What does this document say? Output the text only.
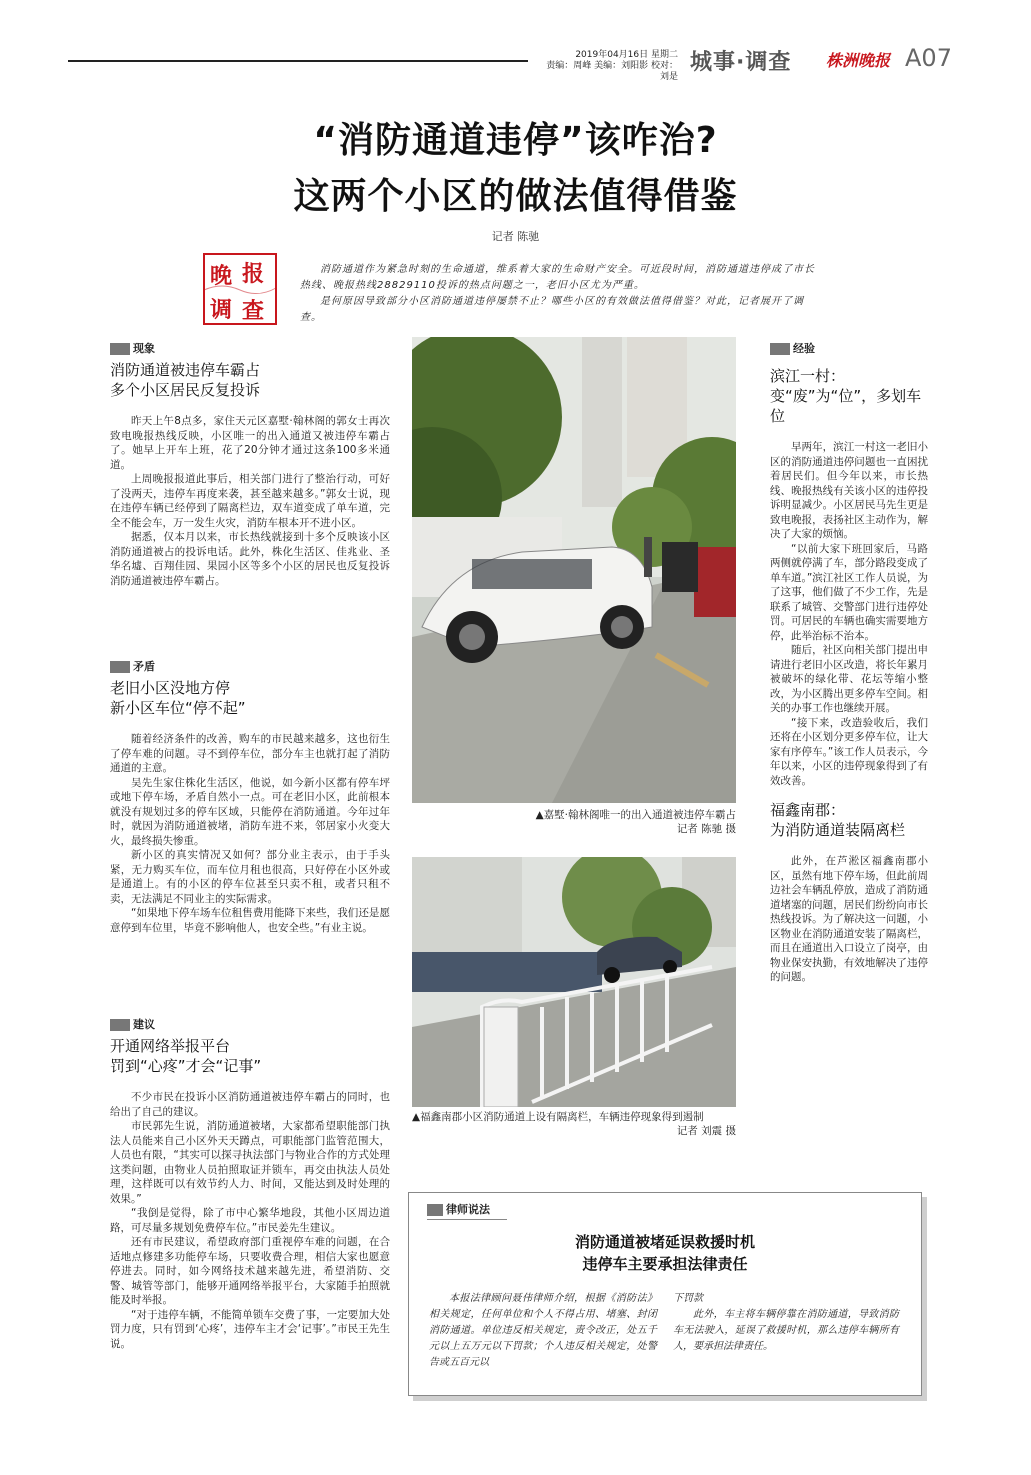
2019年04月16日 星期二
责编：周峰 美编：刘阳影 校对：刘是
城事·调查 株洲晚报 A07
“消防通道违停”该咋治?
这两个小区的做法值得借鉴
记者 陈驰
晚 报
调 查
消防通道作为紧急时刻的生命通道，维系着大家的生命财产安全。可近段时间，消防通道违停成了市长热线、晚报热线28829110投诉的热点问题之一，老旧小区尤为严重。
是何原因导致部分小区消防通道违停屡禁不止？哪些小区的有效做法值得借鉴？对此，记者展开了调查。
现象
消防通道被违停车霸占
多个小区居民反复投诉

昨天上午8点多，家住天元区嘉墅·翰林阁的郭女士再次致电晚报热线反映，小区唯一的出入通道又被违停车霸占了。她早上开车上班，花了20分钟才通过这条100多米通道。

上周晚报报道此事后，相关部门进行了整治行动，可好了没两天，违停车再度来袭，甚至越来越多。”郭女士说，现在违停车辆已经停到了隔离栏边，双车道变成了单车道，完全不能会车，万一发生火灾，消防车根本开不进小区。

据悉，仅本月以来，市长热线就接到十多个反映该小区消防通道被占的投诉电话。此外，株化生活区、佳兆业、圣华名墟、百翔佳园、果园小区等多个小区的居民也反复投诉消防通道被违停车霸占。

矛盾
老旧小区没地方停
新小区车位“停不起”

随着经济条件的改善，购车的市民越来越多，这也衍生了停车难的问题。寻不到停车位，部分车主也就打起了消防通道的主意。

吴先生家住株化生活区，他说，如今新小区都有停车坪或地下停车场，矛盾自然小一点。可在老旧小区，此前根本就没有规划过多的停车区域，只能停在消防通道。今年过年时，就因为消防通道被堵，消防车进不来，邻居家小火变大火，最终损失惨重。

新小区的真实情况又如何？部分业主表示，由于手头紧，无力购买车位，而车位月租也很高，只好停在小区外或是通道上。有的小区的停车位甚至只卖不租，或者只租不卖，无法满足不同业主的实际需求。

“如果地下停车场车位租售费用能降下来些，我们还是愿意停到车位里，毕竟不影响他人，也安全些。”有业主说。

建议
开通网络举报平台
罚到“心疼”才会“记事”

不少市民在投诉小区消防通道被违停车霸占的同时，也给出了自己的建议。

市民郭先生说，消防通道被堵，大家都希望职能部门执法人员能来自己小区外天天蹲点，可职能部门监管范围大，人员也有限，“其实可以探寻执法部门与物业合作的方式处理这类问题，由物业人员拍照取证并锁车，再交由执法人员处理，这样既可以有效节约人力、时间，又能达到及时处理的效果。”

“我倒是觉得，除了市中心繁华地段，其他小区周边道路，可尽量多规划免费停车位。”市民姜先生建议。

还有市民建议，希望政府部门重视停车难的问题，在合适地点修建多功能停车场，只要收费合理，相信大家也愿意停进去。同时，如今网络技术越来越先进，希望消防、交警、城管等部门，能够开通网络举报平台，大家随手拍照就能及时举报。

“对于违停车辆，不能简单锁车交费了事，一定要加大处罚力度，只有罚到‘心疼’，违停车主才会‘记事’。”市民王先生说。

▲嘉墅·翰林阁唯一的出入通道被违停车霸占
记者 陈驰 摄
▲福鑫南郡小区消防通道上设有隔离栏，车辆违停现象得到遏制
记者 刘震 摄
经验
滨江一村：
变“废”为“位”，多划车位

早两年，滨江一村这一老旧小区的消防通道违停问题也一直困扰着居民们。但今年以来，市长热线、晚报热线有关该小区的违停投诉明显减少。小区居民马先生更是致电晚报，表扬社区主动作为，解决了大家的烦恼。

“以前大家下班回家后，马路两侧就停满了车，部分路段变成了单车道。”滨江社区工作人员说，为了这事，他们做了不少工作，先是联系了城管、交警部门进行违停处罚。可居民的车辆也确实需要地方停，此举治标不治本。

随后，社区向相关部门提出申请进行老旧小区改造，将长年累月被破坏的绿化带、花坛等缩小整改，为小区腾出更多停车空间。相关的办事工作也继续开展。

“接下来，改造验收后，我们还将在小区划分更多停车位，让大家有序停车。”该工作人员表示，今年以来，小区的违停现象得到了有效改善。

福鑫南郡：
为消防通道装隔离栏

此外，在芦淞区福鑫南郡小区，虽然有地下停车场，但此前周边社会车辆乱停放，造成了消防通道堵塞的问题，居民们纷纷向市长热线投诉。为了解决这一问题，小区物业在消防通道安装了隔离栏，而且在通道出入口设立了岗亭，由物业保安执勤，有效地解决了违停的问题。

律师说法
消防通道被堵延误救援时机
违停车主要承担法律责任

本报法律顾问聂伟律师介绍，根据《消防法》相关规定，任何单位和个人不得占用、堵塞、封闭消防通道。单位违反相关规定，责令改正，处五千元以上五万元以下罚款；个人违反相关规定，处警告或五百元以

下罚款

此外，车主将车辆停靠在消防通道，导致消防车无法驶入，延误了救援时机，那么违停车辆所有人，要承担法律责任。
